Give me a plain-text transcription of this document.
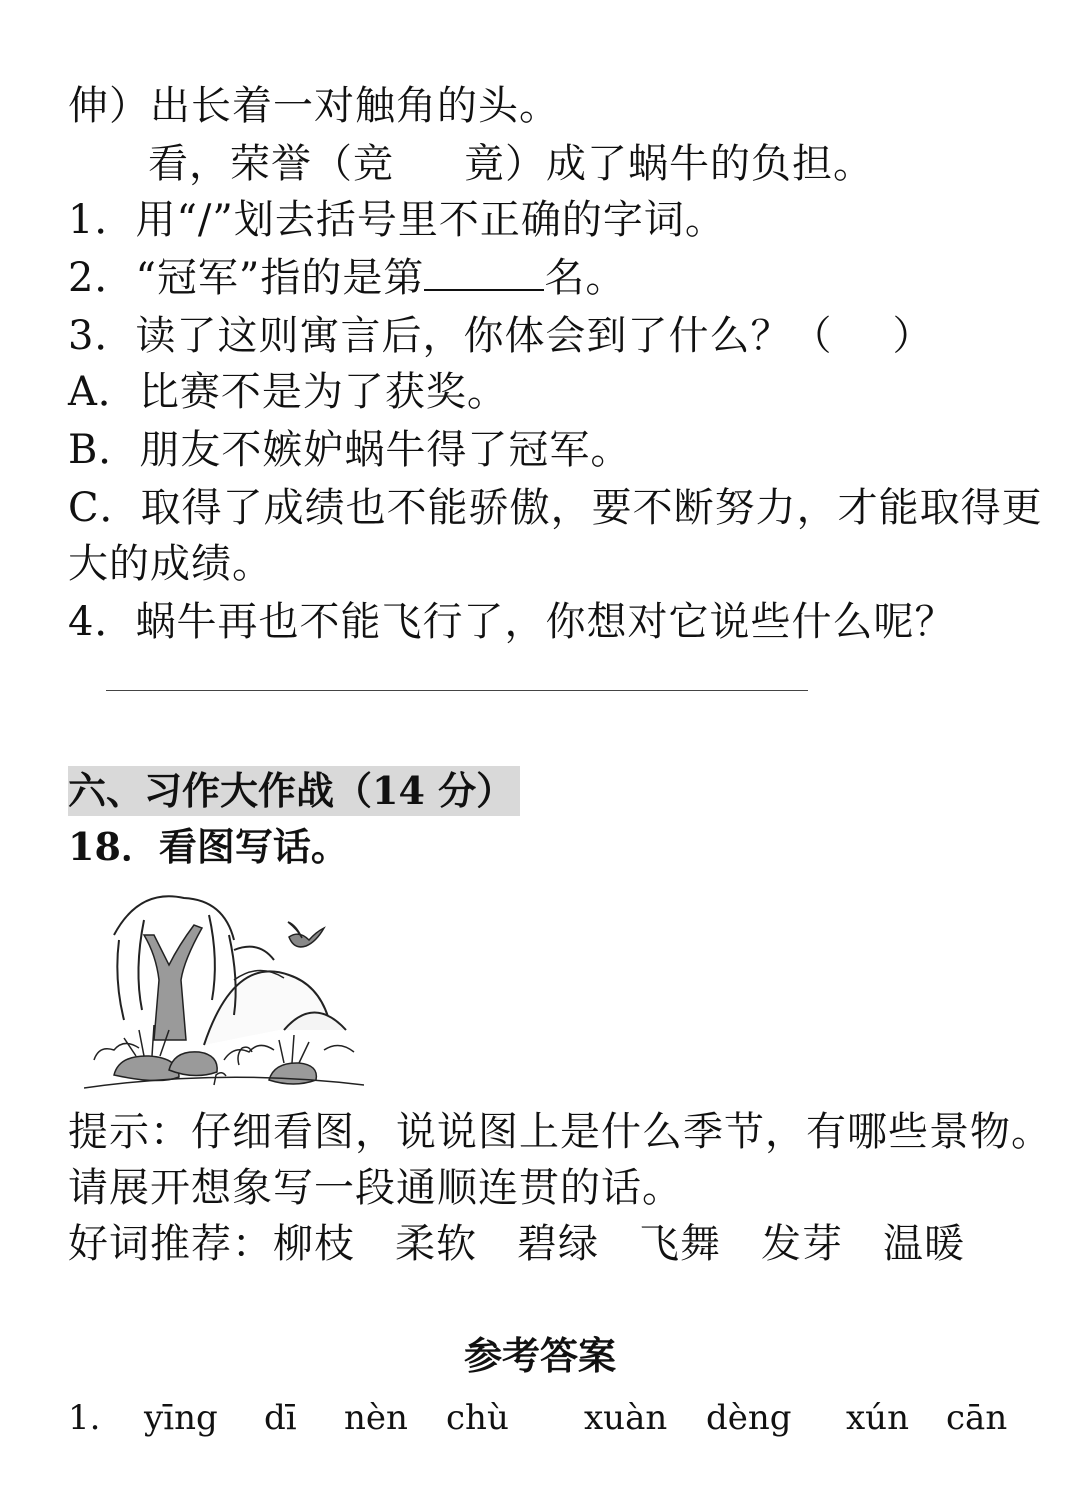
伸）出长着一对触角的头。
看，荣誉（竞 竟）成了蜗牛的负担。
1．用“/”划去括号里不正确的字词。
2．“冠军”指的是第	名。
3．读了这则寓言后，你体会到了什么？（ ）
A．比赛不是为了获奖。
B．朋友不嫉妒蜗牛得了冠军。
C．取得了成绩也不能骄傲，要不断努力，才能取得更
大的成绩。
4．蜗牛再也不能飞行了，你想对它说些什么呢？
六、习作大作战（14 分）
18．看图写话。
提示：仔细看图，说说图上是什么季节，有哪些景物。
请展开想象写一段通顺连贯的话。
好词推荐：柳枝 柔软 碧绿 飞舞 发芽 温暖
参考答案
1. yīng dī nèn chù xuàn dèng xún cān
